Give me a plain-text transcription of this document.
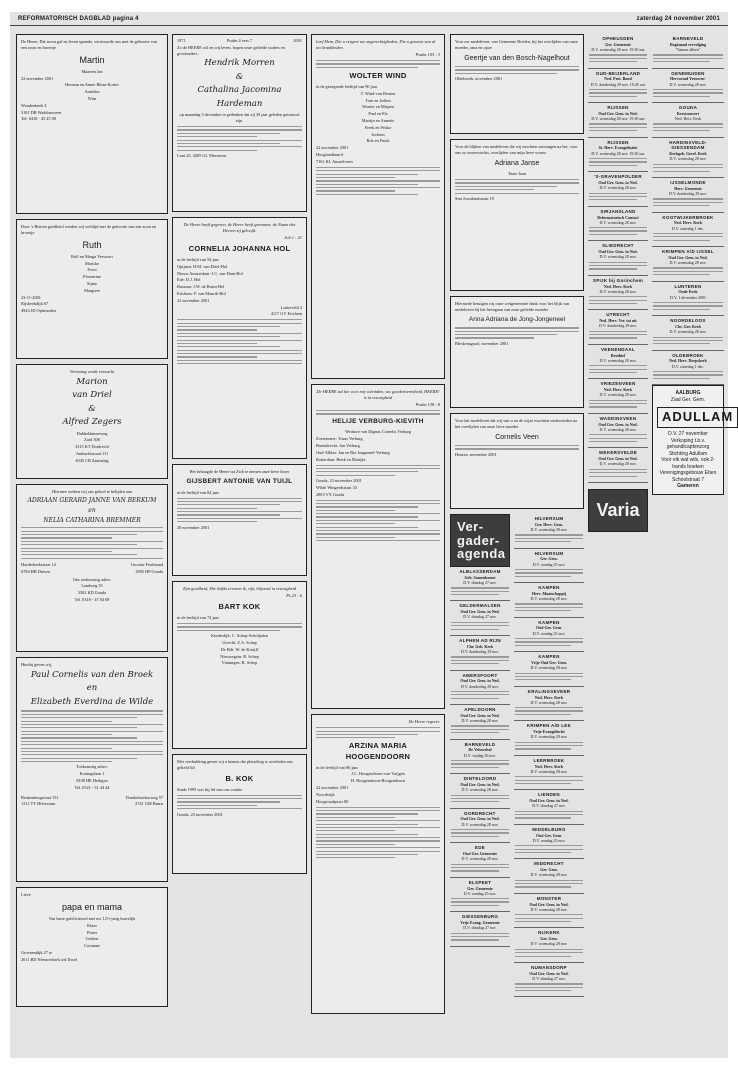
REFORMATORISCH DAGBLAD pagina 4	zaterdag 24 november 2001

De Heere, Die troon gaf en leven spaarde, vertrouwde ons met de geboorte van een zoon en broertje

Martin

Maarten Jan

22 november 2001

Herman en Annet Blom-Koster

Annelies

Wim

Woudenbeek 4

3181 DB Waddinxveen

Tel: 0418 - 45 25 08

Door 's Heeren goedheid werden wij verblijd met de geboorte van een zoon en broertje

Ruth

Rolf en Marga Verwoert

Mariske

Evert

Florentine

Sijme

Margreet

23-11-2001

Rijsbeekdijk 67

4943 JD Opheusden

Verloving wordt verwacht

Marion
van Driel
&
Alfred Zegers

Dubbeldamseweg

Zuid 308

3315 KT Dordrecht

Ambachtstraat 111

4945 CB Zaamslag

Hiermee zoeken wij ons geloof te belijden aan

ADRIAAN GERARD JANNE VAN BERKUM
en
NELIA CATHARINA BREMMER

Harderbeekstraat 14

6784 HB Duiven

Grootse Ferdinand

2905 HP Gouda

Ons toekomstig adres:

Landweg 35

3302 KD Gouda

Tel. 0318 - 47 04 68

Hierbij geven wij,

Paul Cornelis van den Broek
en
Elizabeth Everdina de Wilde

Toekomstig adres:

Koningslaan 1

8108 HE Heiligen

Tel. 0521 - 31 44 44

Beukenbergstraat 151

1311 VT Hilversum

Donderhoekseweg 57

2741 GM Baarn

Lieve

papa en mama

Van harte gefeliciteerd met uw 12½-jarig huwelijk

Klaas

Pieter

Gerben

Corianne

Groenendijk 27 te

2611 BD Nieuwerkerk a/d IJssel

1971	Psalm 4 vers 7	2001

Zo de HEERE wil en wij leven, hopen onze geliefde ouders en grootouders

Hendrik Morren
&
Cathalina Jacomina
Hardeman

op maandag 3 december te gedenken dat zij 30 jaar geleden getrouwd zijn.

Lunt 23, 4285 GL Meeuwen

De Heere heeft gegeven, de Heere heeft genomen; de Naam des Heeren zij geloofd.

Job 1 : 21

CORNELIA JOHANNA HOL

in de leeftijd van 54 jaar

Opijnen: H.M. van Driel-Hol

Nieuw Amsterdam: J.C. van Dam-Hol

Ede: D.J. Hol

Bussum: J.W. de Bruin-Hol

Erichem: F. van Maurik-Hol

22 november 2001

Lutterveld 4

4117 GV Erichem

Het behaagde de Heere tot Zich te nemen onze lieve broer

GIJSBERT ANTONIE VAN TUIJL

in de leeftijd van 84 jaar

20 november 2001

Zijn goedheid, Die Sefiks ervaren ik, rijk, blijvend in eeuwigheid

Ps 23 : 6

BART KOK

in de leeftijd van 74 jaar

Kinderdijk: C. Schep-Scholpalen

Utrecht: Z.A. Schep

De Bilt: W. de Kruijff

Nieuwegein: R. Schep

Vinningen: R. Schep

Met verdrukking geven wij u kennis dat plotseling is overleden ons geliefd lid

B. KOK

Sinds 1995 was hij lid van ons comite

Gouda, 23 november 2001

Leef Hem, Die u vergeet uw ongerechtigheden, Die u geneest van al uw krankheden.

Psalm 103 : 3

WOLTER WIND

in de gezegende leeftijd van 90 jaar

T. Wind-van Beuren

Tom en Jodien

Wouter en Mirjam

Paul en Els

Martijn en Annette

Freek en Wiske

Jochem

Rob en Paula

22 november 2001

Hooglandlaan 6

7161 KL Amstelveen

De HEERE zal het voor mij voleinden; uw goedertierenheid, HEERE! is in eeuwigheid

Psalm 138 : 8

HELIJE VERBURG-KIEVITH

Weduwe van Dignus Cornelis Verburg

Zoetermeer: Truus Verburg

Barendrecht: Jan Verburg

Oud-Alblas: Jan en Ria Jongeneel-Verburg

Rotterdam: Henk en Marijke

Gouda, 23 november 2001

Wilde Wingerdstraat 33

2803 VX Gouda

De Heere regeert.

ARZINA MARIA HOOGENDOORN

in de leeftijd van 86 jaar

J.C. Hoogendoorn-van Vuijgen

H. Hoogendoorn-Hoogendoorn

22 november 2001

Noordwijk

Hoogeraalpoort 80

Voor uw medeleven, van Gemeente Brielen, bij het overlijden van onze moeder, oma en opoe

Geertje van den Bosch-Nagelhout

Oldebroek, november 2001

Voor de blijken van medeleven die wij mochten ontvangen na het, voor ons zo onverwachts, overlijden van mijn lieve vrouw

Adriana Janse

Taaie Jaan

Sint Joostlandstraat 19

Hiermede betuigen wij onze welgemeende dank voor het blijk van medeleven bij het heengaan van onze geliefde moeder

Anna Adriana de Jong-Jongeneel

Bleskensgraaf, november 2001

Voor het medeleven dat wij van u en de wijze mochten ondervinden na het overlijden van onze lieve moeder

Cornelis Veen

Houten, november 2001

Ver-
gader-
agenda
ALBLASSERDAM
Geb. Samenkomst
D.V. dinsdag 27 nov.
GELDERMALSEN
Oud Ger. Gem. in Ned.
D.V. dinsdag 27 nov.
ALPHEN AD RIJN
Chr. Geb. Kerk
D.V. donderdag 29 nov.
AMERSFOORT
Oud Ger. Gem. in Ned.
D.V. donderdag 29 nov.
APELDOORN
Oud Ger. Gem. in Ned.
D.V. woensdag 28 nov.
BARNEVELD
De Veluwehal
D.V. vrijdag 30 nov.
DINTELOORD
Oud Ger. Gem. in Ned.
D.V. woensdag 28 nov.
DORDRECHT
Oud Ger. Gem. in Ned.
D.V. woensdag 28 nov.
EDE
Oud Ger. Gemeente
D.V. woensdag 28 nov.
ELSPEET
Ger. Gemeente
D.V. zondag 25 nov.
GIESSENBURG
Vrije Evang. Gemeente
D.V. dinsdag 27 nov.
HILVERSUM
Ger. Herv. Gem.
D.V. woensdag 28 nov.
HILVERSUM
Ger. Gem.
D.V. zondag 25 nov.
KAMPEN
Herv. Maatschappij
D.V. woensdag 28 nov.
KAMPEN
Oud Ger. Gem.
D.V. zondag 25 nov.
KAMPEN
Vrije Oud Ger. Gem.
D.V. woensdag 28 nov.
KRALINGSEVEER
Ned. Herv. Kerk
D.V. woensdag 28 nov.
KRIMPEN A/D LEK
Vrije Evangelische
D.V. woensdag 28 nov.
LEERBROEK
Ned. Herv. Kerk
D.V. woensdag 28 nov.
LIENDEN
Oud Ger. Gem. in Ned.
D.V. dinsdag 27 nov.
MIDDELBURG
Oud Ger. Gem.
D.V. zondag 25 nov.
MIDDRECHT
Ger. Gem.
D.V. woensdag 28 nov.
MONSTER
Oud Ger. Gem. in Ned.
D.V. woensdag 28 nov.
NIJKERK
Ger. Gem.
D.V. woensdag 28 nov.
NUMANSDORP
Oud Ger. Gem. in Ned.
D.V. dinsdag 27 nov.
OPHEUSDEN
Ger. Gemeente
D.V. woensdag 28 nov. 19.30 uur
OUD-BEIJERLAND
Ned. Prot. Bond
D.V. donderdag 29 nov. 19.45 uur
RIJSSEN
Oud Ger. Gem. in Ned.
D.V. woensdag 28 nov. 19.30 uur
RIJSSEN
St. Herv. Evangelisatie
D.V. woensdag 28 nov. 19.30 uur
'S-GRAVENPOLDER
Oud Ger. Gem. in Ned.
D.V. woensdag 28 nov.
SIRJANSLAND
Reformatorisch Contact
D.V. woensdag 28 nov.
SLIEDRECHT
Oud Ger. Gem. in Ned.
D.V. woensdag 28 nov.
SPIJK bij Gorinchem
Ned. Herv. Kerk
D.V. woensdag 28 nov.
UTRECHT
Ned. Herv. Ver. tot uit
D.V. donderdag 29 nov.
VEENENDAAL
Bruthiel
D.V. woensdag 28 nov.
VRIEZENVEEN
Ned. Herv. Kerk
D.V. woensdag 28 nov.
WADDINXVEEN
Oud Ger. Gem. in Ned.
D.V. woensdag 28 nov.
WEKERSVELDE
Oud Ger. Gem. in Ned.
D.V. woensdag 28 nov.
Varia
BARNEVELD
Regionaal vervolging
"Samen alleen"
GENEMUIDEN
Hervormd Vrouwen-
D.V. woensdag 28 nov.
GOUDA
Kerstconcert
Ned. Herv. Kerk
HARDINXVELD-GIESSENDAM
Kerkgeb. Geref. Kerk
D.V. woensdag 28 nov.
IJSSELMONDE
Herv. Gemeente
D.V. donderdag 29 nov.
KOOTWIJKERBROEK
Ned. Herv. Kerk
D.V. zaterdag 1 dec.
KRIMPEN A/D IJSSEL
Oud Ger. Gem. in Ned.
D.V. woensdag 28 nov.
LUNTEREN
Oude Kerk
D.V. 1 december 2001
NOORDELOOS
Chr. Ger. Kerk
D.V. woensdag 28 nov.
OLDEBROEK
Ned. Herv. Dorpskerk
D.V. zaterdag 1 dec.
AALBURG
Zaal Ger. Gem.
ADULLAM
D.V. 27 november
Verkoping t.b.v. gehandicaptenzorg
Stichting Adullam
Voor elk wat wils, ook 2-hands boeken
Verenigingsgebouw Eben
Schoolstraat 7
Gameren
